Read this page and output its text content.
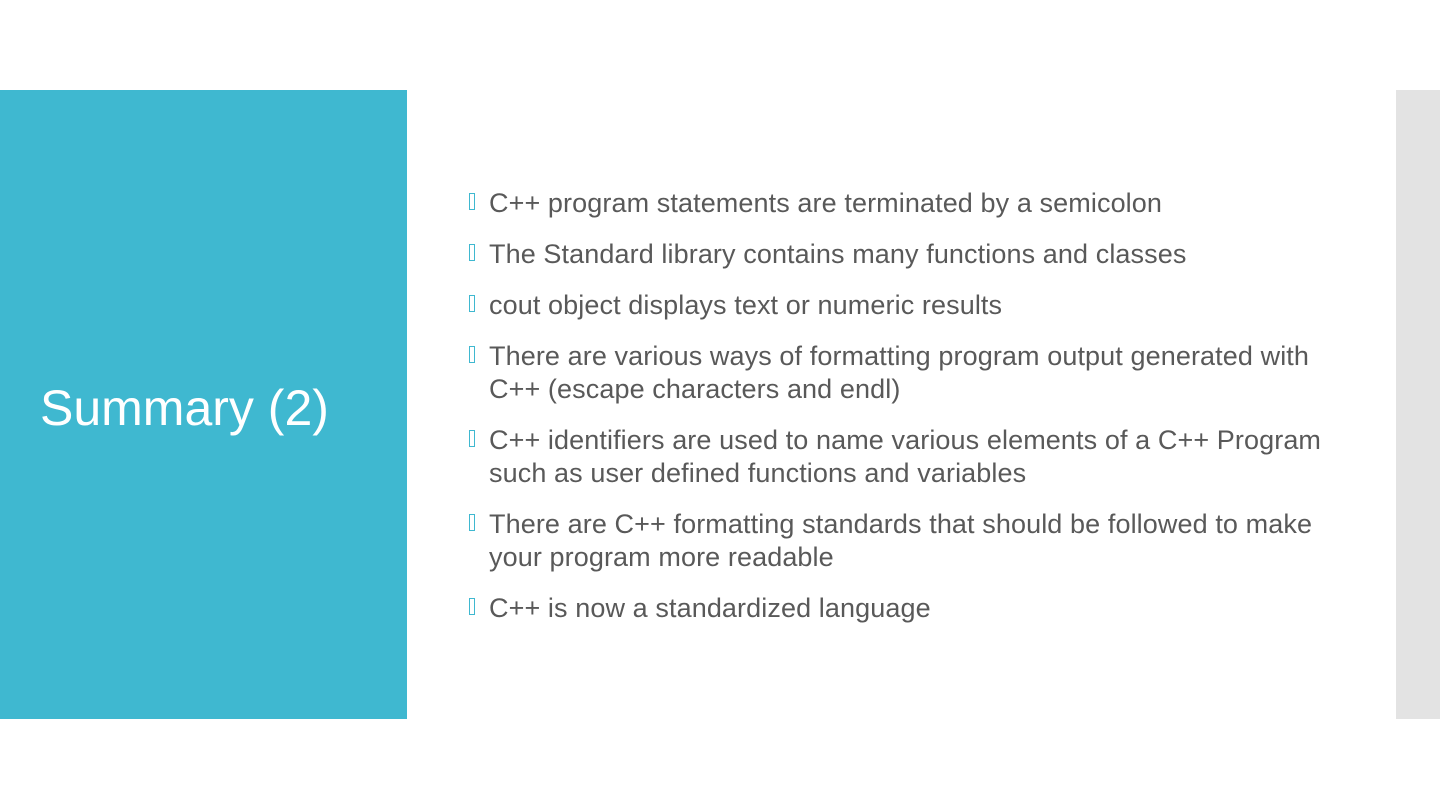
Summary (2)
C++ program statements are terminated by a semicolon
The Standard library contains many functions and classes
cout object displays text or numeric results
There are various ways of formatting program output generated with C++ (escape characters and endl)
C++ identifiers are used to name various elements of a C++ Program such as user defined functions and variables
There are C++ formatting standards that should be followed to make your program more readable
C++ is now a standardized language
